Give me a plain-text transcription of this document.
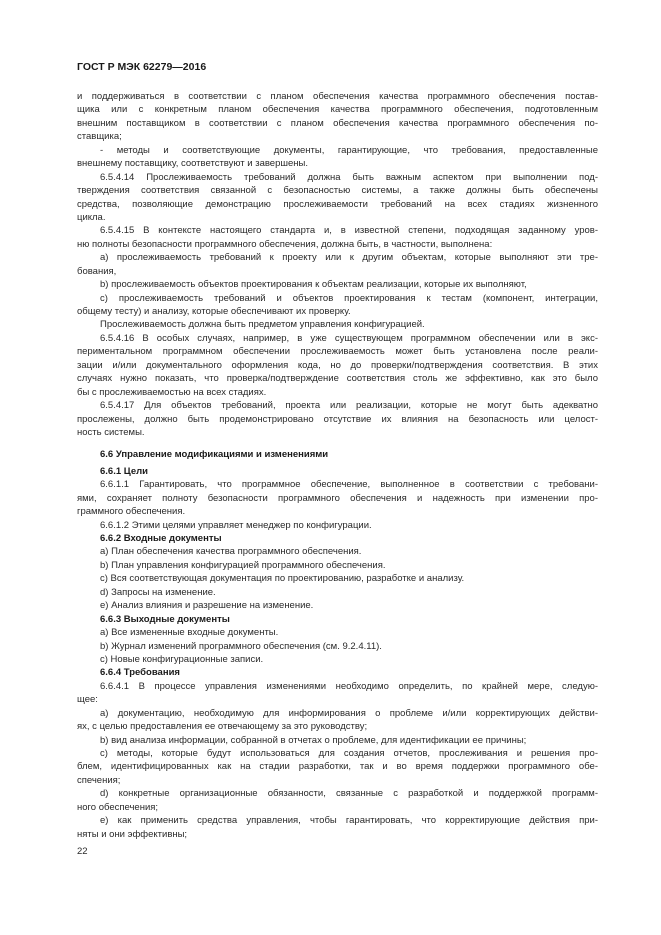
ГОСТ Р МЭК 62279—2016
и поддерживаться в соответствии с планом обеспечения качества программного обеспечения постав-
щика или с конкретным планом обеспечения качества программного обеспечения, подготовленным
внешним поставщиком в соответствии с планом обеспечения качества программного обеспечения по-
ставщика;
- методы и соответствующие документы, гарантирующие, что требования, предоставленные
внешнему поставщику, соответствуют и завершены.
6.5.4.14 Прослеживаемость требований должна быть важным аспектом при выполнении под-
тверждения соответствия связанной с безопасностью системы, а также должны быть обеспечены
средства, позволяющие демонстрацию прослеживаемости требований на всех стадиях жизненного
цикла.
6.5.4.15 В контексте настоящего стандарта и, в известной степени, подходящая заданному уров-
ню полноты безопасности программного обеспечения, должна быть, в частности, выполнена:
а) прослеживаемость требований к проекту или к другим объектам, которые выполняют эти тре-
бования,
b) прослеживаемость объектов проектирования к объектам реализации, которые их выполняют,
c) прослеживаемость требований и объектов проектирования к тестам (компонент, интеграции,
общему тесту) и анализу, которые обеспечивают их проверку.
Прослеживаемость должна быть предметом управления конфигурацией.
6.5.4.16 В особых случаях, например, в уже существующем программном обеспечении или в экс-
периментальном программном обеспечении прослеживаемость может быть установлена после реали-
зации и/или документального оформления кода, но до проверки/подтверждения соответствия. В этих
случаях нужно показать, что проверка/подтверждение соответствия столь же эффективно, как это было
бы с прослеживаемостью на всех стадиях.
6.5.4.17 Для объектов требований, проекта или реализации, которые не могут быть адекватно
прослежены, должно быть продемонстрировано отсутствие их влияния на безопасность или целост-
ность системы.
6.6 Управление модификациями и изменениями
6.6.1 Цели
6.6.1.1 Гарантировать, что программное обеспечение, выполненное в соответствии с требовани-
ями, сохраняет полноту безопасности программного обеспечения и надежность при изменении про-
граммного обеспечения.
6.6.1.2 Этими целями управляет менеджер по конфигурации.
6.6.2 Входные документы
a) План обеспечения качества программного обеспечения.
b) План управления конфигурацией программного обеспечения.
c) Вся соответствующая документация по проектированию, разработке и анализу.
d) Запросы на изменение.
e) Анализ влияния и разрешение на изменение.
6.6.3 Выходные документы
a) Все измененные входные документы.
b) Журнал изменений программного обеспечения (см. 9.2.4.11).
c) Новые конфигурационные записи.
6.6.4 Требования
6.6.4.1 В процессе управления изменениями необходимо определить, по крайней мере, следую-
щее:
a) документацию, необходимую для информирования о проблеме и/или корректирующих действи-
ях, с целью предоставления ее отвечающему за это руководству;
b) вид анализа информации, собранной в отчетах о проблеме, для идентификации ее причины;
c) методы, которые будут использоваться для создания отчетов, прослеживания и решения про-
блем, идентифицированных как на стадии разработки, так и во время поддержки программного обе-
спечения;
d) конкретные организационные обязанности, связанные с разработкой и поддержкой программ-
ного обеспечения;
e) как применить средства управления, чтобы гарантировать, что корректирующие действия при-
няты и они эффективны;
22
